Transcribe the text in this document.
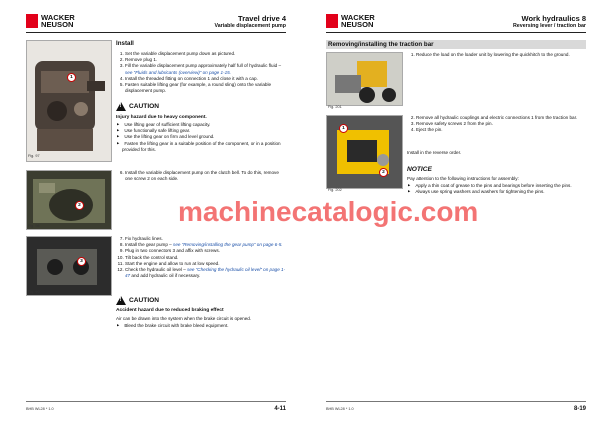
WACKER
NEUSON
Travel drive 4
Variable displacement pump
Install
1
Fig. 97
1. Set the variable displacement pump down as pictured.
2. Remove plug 1.
3. Fill the variable displacement pump approximately half full of hydraulic fluid – see “Fluids and lubricants (overview)” on page 1-15.
4. Install the threaded fitting on connection 1 and close it with a cap.
5. Fasten suitable lifting gear (for example, a round sling) onto the variable displacement pump.
!
CAUTION
Injury hazard due to heavy component.
▶ Use lifting gear of sufficient lifting capacity.
▶ Use functionally safe lifting gear.
▶ Use the lifting gear on firm and level ground.
▶ Fasten the lifting gear in a suitable position of the component, or in a position provided for this.
2
Fig. 98
6. Install the variable displacement pump on the clutch bell. To do this, remove one screw 2 on each side.
3
Fig. 99
7. Fix hydraulic lines.
8. Install the gear pump – see “Removing/installing the gear pump” on page 6-5.
9. Plug in two connectors 3 and affix with screws.
10. Tilt back the control stand.
11. Start the engine and allow to run at low speed.
12. Check the hydraulic oil level – see “Checking the hydraulic oil level” on page 1-47 and add hydraulic oil if necessary.
!
CAUTION
Accident hazard due to reduced braking effect
Air can be drawn into the system when the brake circuit is opened.
▶ Bleed the brake circuit with brake bleed equipment.
BHB WL28 * 1.0	4-11
WACKER
NEUSON
Work hydraulics 8
Reversing lever / traction bar
Removing/installing the traction bar
Fig. 201
1. Reduce the load on the loader unit by lowering the quickhitch to the ground.
1
2
Fig. 202
2. Remove all hydraulic couplings and electric connections 1 from the traction bar.
3. Remove safety screws 2 from the pin.
4. Eject the pin.
Install in the reverse order.
NOTICE
Pay attention to the following instructions for assembly:
▶ Apply a thin coat of grease to the pins and bearings before inserting the pins.
▶ Always use spring washers and washers for tightening the pins.
BHB WL28 * 1.0	8-19
machinecatalogic.com
